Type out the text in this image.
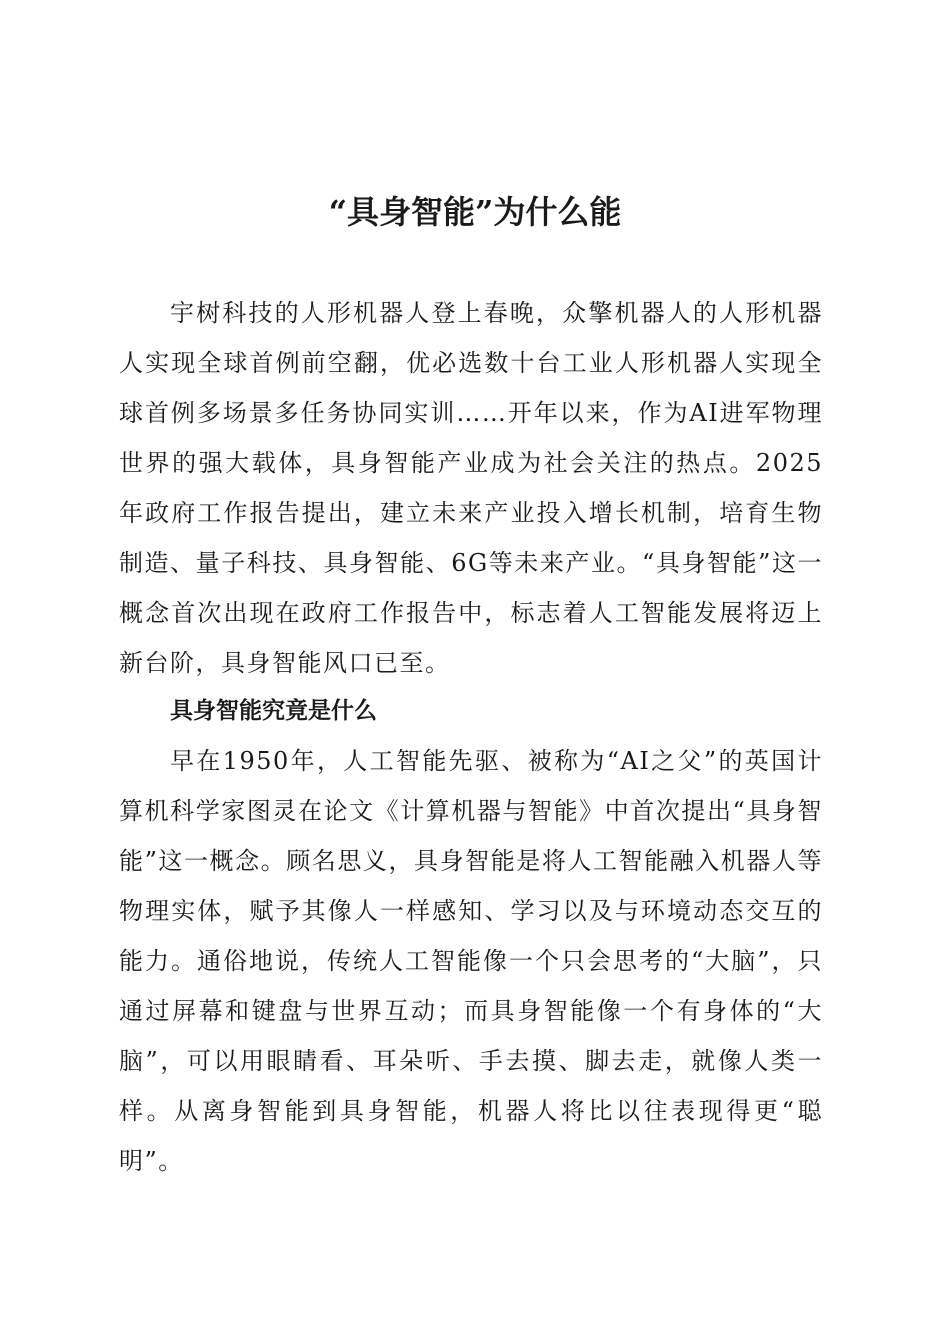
“具身智能”为什么能

宇树科技的人形机器人登上春晚，众擎机器人的人形机器人实现全球首例前空翻，优必选数十台工业人形机器人实现全球首例多场景多任务协同实训……开年以来，作为AI进军物理世界的强大载体，具身智能产业成为社会关注的热点。2025年政府工作报告提出，建立未来产业投入增长机制，培育生物制造、量子科技、具身智能、6G等未来产业。“具身智能”这一概念首次出现在政府工作报告中，标志着人工智能发展将迈上新台阶，具身智能风口已至。

具身智能究竟是什么

早在1950年，人工智能先驱、被称为“AI之父”的英国计算机科学家图灵在论文《计算机器与智能》中首次提出“具身智能”这一概念。顾名思义，具身智能是将人工智能融入机器人等物理实体，赋予其像人一样感知、学习以及与环境动态交互的能力。通俗地说，传统人工智能像一个只会思考的“大脑”，只通过屏幕和键盘与世界互动；而具身智能像一个有身体的“大脑”，可以用眼睛看、耳朵听、手去摸、脚去走，就像人类一样。从离身智能到具身智能，机器人将比以往表现得更“聪明”。
